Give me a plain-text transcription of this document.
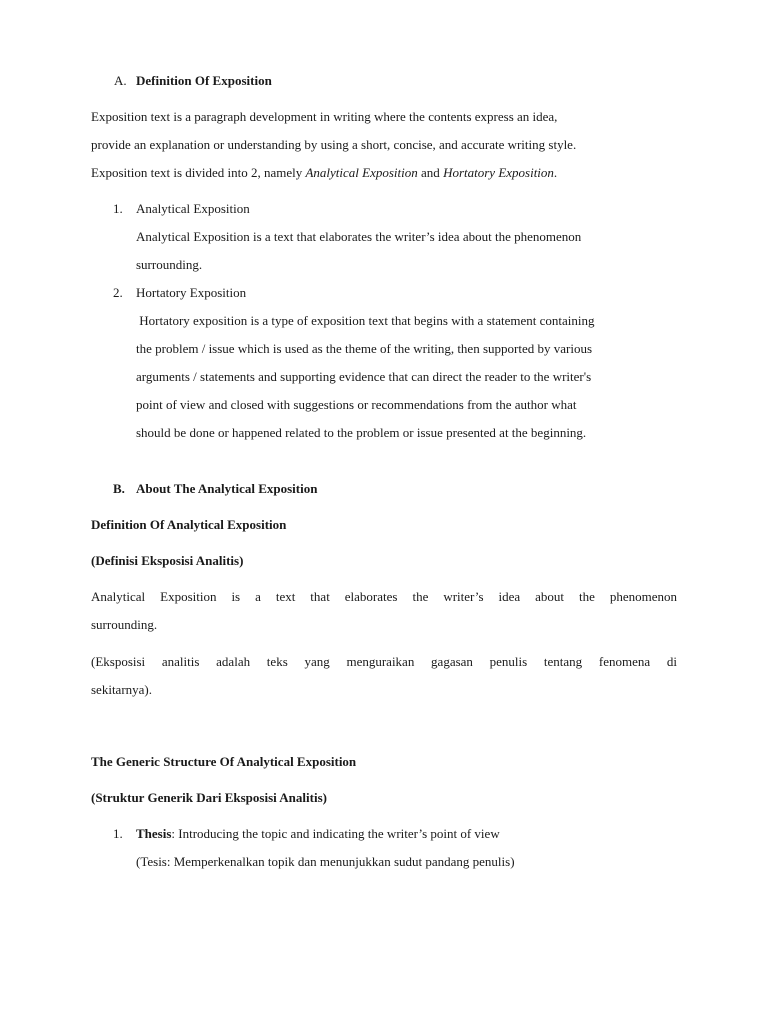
A. Definition Of Exposition
Exposition text is a paragraph development in writing where the contents express an idea,
provide an explanation or understanding by using a short, concise, and accurate writing style.
Exposition text is divided into 2, namely Analytical Exposition and Hortatory Exposition.
1. Analytical Exposition
Analytical Exposition is a text that elaborates the writer’s idea about the phenomenon
surrounding.
2. Hortatory Exposition
Hortatory exposition is a type of exposition text that begins with a statement containing
the problem / issue which is used as the theme of the writing, then supported by various
arguments / statements and supporting evidence that can direct the reader to the writer's
point of view and closed with suggestions or recommendations from the author what
should be done or happened related to the problem or issue presented at the beginning.
B. About The Analytical Exposition
Definition Of Analytical Exposition
(Definisi Eksposisi Analitis)
Analytical Exposition is a text that elaborates the writer’s idea about the phenomenon
surrounding.
(Eksposisi analitis adalah teks yang menguraikan gagasan penulis tentang fenomena di
sekitarnya).
The Generic Structure Of Analytical Exposition
(Struktur Generik Dari Eksposisi Analitis)
1. Thesis: Introducing the topic and indicating the writer’s point of view
(Tesis: Memperkenalkan topik dan menunjukkan sudut pandang penulis)
